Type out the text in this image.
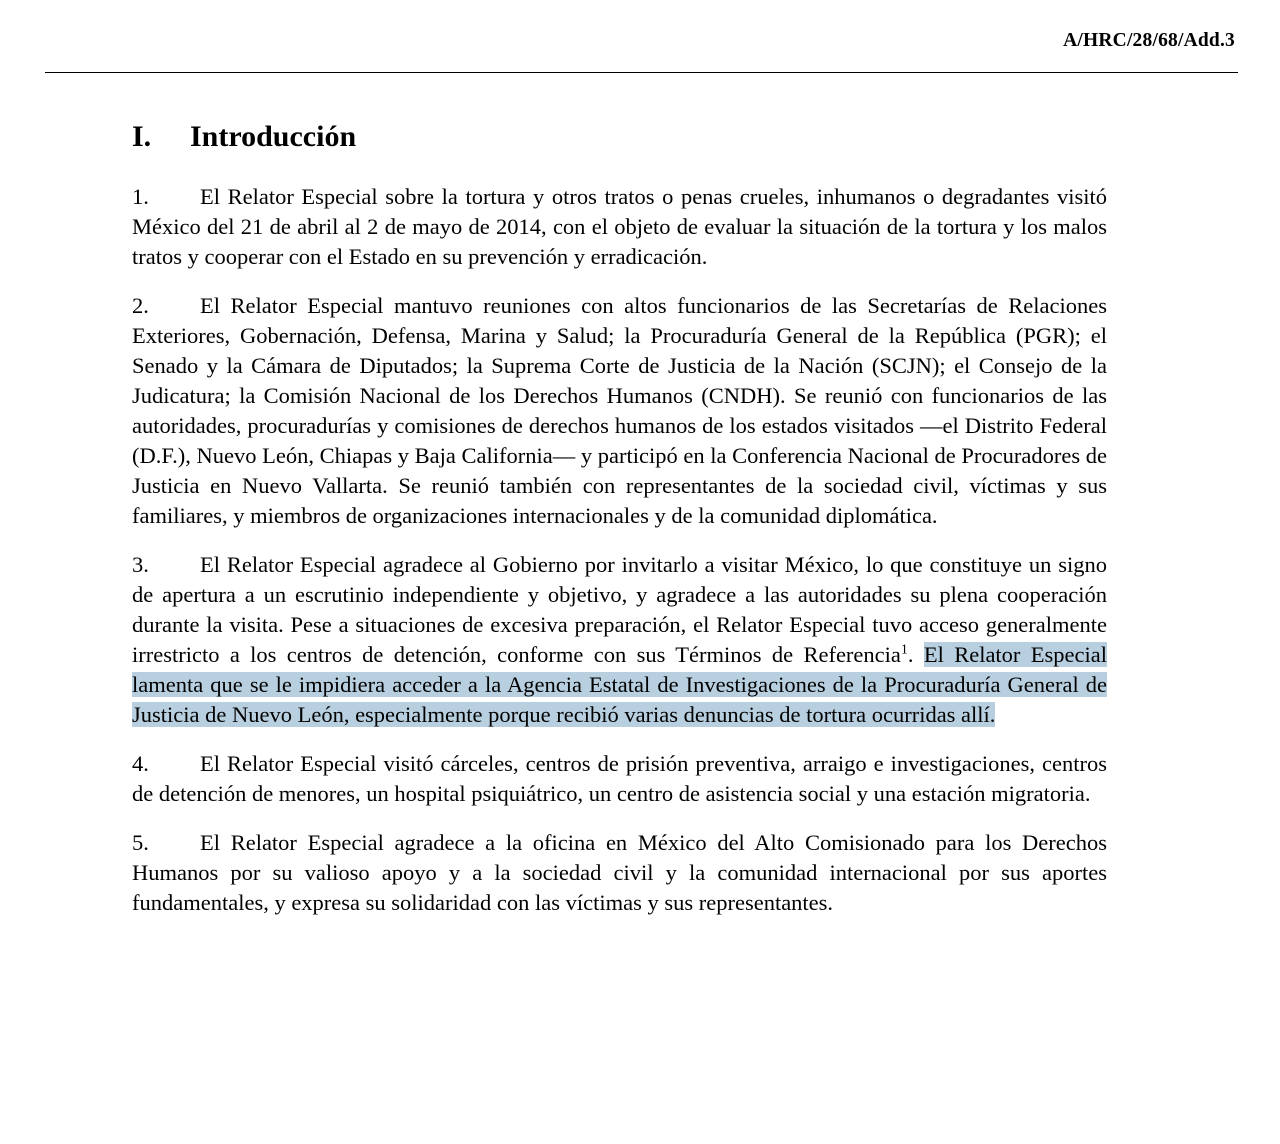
A/HRC/28/68/Add.3
I.	Introducción

1. El Relator Especial sobre la tortura y otros tratos o penas crueles, inhumanos o degradantes visitó México del 21 de abril al 2 de mayo de 2014, con el objeto de evaluar la situación de la tortura y los malos tratos y cooperar con el Estado en su prevención y erradicación.

2. El Relator Especial mantuvo reuniones con altos funcionarios de las Secretarías de Relaciones Exteriores, Gobernación, Defensa, Marina y Salud; la Procuraduría General de la República (PGR); el Senado y la Cámara de Diputados; la Suprema Corte de Justicia de la Nación (SCJN); el Consejo de la Judicatura; la Comisión Nacional de los Derechos Humanos (CNDH). Se reunió con funcionarios de las autoridades, procuradurías y comisiones de derechos humanos de los estados visitados —el Distrito Federal (D.F.), Nuevo León, Chiapas y Baja California— y participó en la Conferencia Nacional de Procuradores de Justicia en Nuevo Vallarta. Se reunió también con representantes de la sociedad civil, víctimas y sus familiares, y miembros de organizaciones internacionales y de la comunidad diplomática.

3. El Relator Especial agradece al Gobierno por invitarlo a visitar México, lo que constituye un signo de apertura a un escrutinio independiente y objetivo, y agradece a las autoridades su plena cooperación durante la visita. Pese a situaciones de excesiva preparación, el Relator Especial tuvo acceso generalmente irrestricto a los centros de detención, conforme con sus Términos de Referencia$^1$. El Relator Especial lamenta que se le impidiera acceder a la Agencia Estatal de Investigaciones de la Procuraduría General de Justicia de Nuevo León, especialmente porque recibió varias denuncias de tortura ocurridas allí.

4. El Relator Especial visitó cárceles, centros de prisión preventiva, arraigo e investigaciones, centros de detención de menores, un hospital psiquiátrico, un centro de asistencia social y una estación migratoria.

5. El Relator Especial agradece a la oficina en México del Alto Comisionado para los Derechos Humanos por su valioso apoyo y a la sociedad civil y la comunidad internacional por sus aportes fundamentales, y expresa su solidaridad con las víctimas y sus representantes.
